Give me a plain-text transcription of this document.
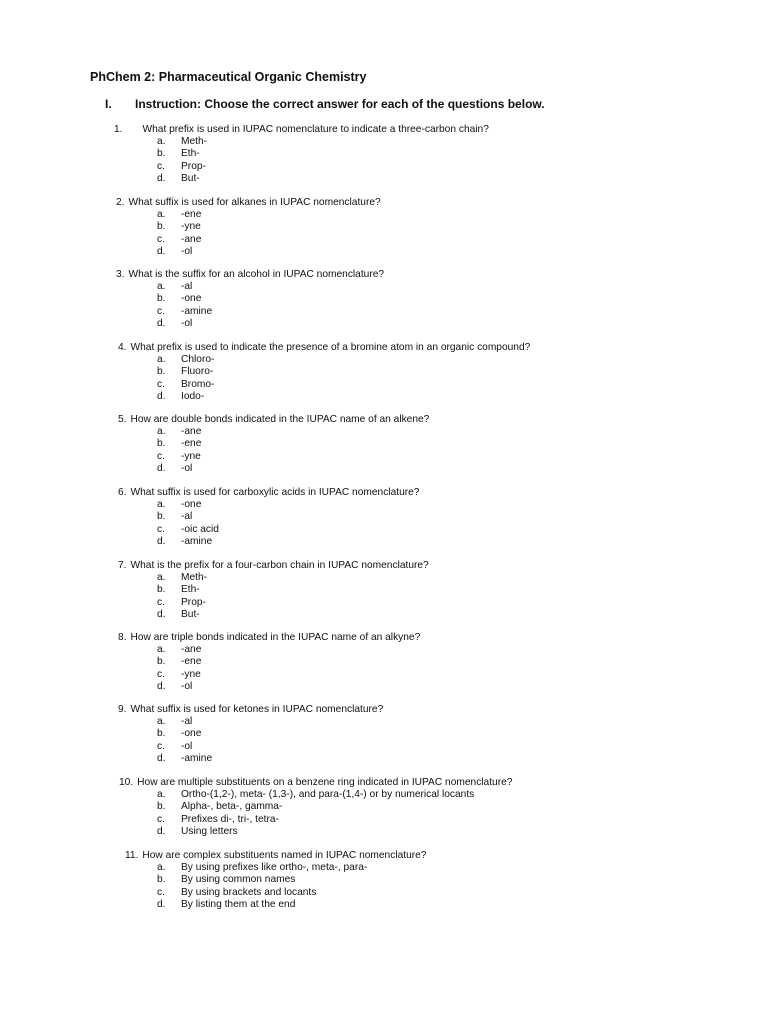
PhChem 2: Pharmaceutical Organic Chemistry
I. Instruction: Choose the correct answer for each of the questions below.
1. What prefix is used in IUPAC nomenclature to indicate a three-carbon chain?
a. Meth-
b. Eth-
c. Prop-
d. But-
2. What suffix is used for alkanes in IUPAC nomenclature?
a. -ene
b. -yne
c. -ane
d. -ol
3. What is the suffix for an alcohol in IUPAC nomenclature?
a. -al
b. -one
c. -amine
d. -ol
4. What prefix is used to indicate the presence of a bromine atom in an organic compound?
a. Chloro-
b. Fluoro-
c. Bromo-
d. Iodo-
5. How are double bonds indicated in the IUPAC name of an alkene?
a. -ane
b. -ene
c. -yne
d. -ol
6. What suffix is used for carboxylic acids in IUPAC nomenclature?
a. -one
b. -al
c. -oic acid
d. -amine
7. What is the prefix for a four-carbon chain in IUPAC nomenclature?
a. Meth-
b. Eth-
c. Prop-
d. But-
8. How are triple bonds indicated in the IUPAC name of an alkyne?
a. -ane
b. -ene
c. -yne
d. -ol
9. What suffix is used for ketones in IUPAC nomenclature?
a. -al
b. -one
c. -ol
d. -amine
10. How are multiple substituents on a benzene ring indicated in IUPAC nomenclature?
a. Ortho-(1,2-), meta- (1,3-), and para-(1,4-) or by numerical locants
b. Alpha-, beta-, gamma-
c. Prefixes di-, tri-, tetra-
d. Using letters
11. How are complex substituents named in IUPAC nomenclature?
a. By using prefixes like ortho-, meta-, para-
b. By using common names
c. By using brackets and locants
d. By listing them at the end
